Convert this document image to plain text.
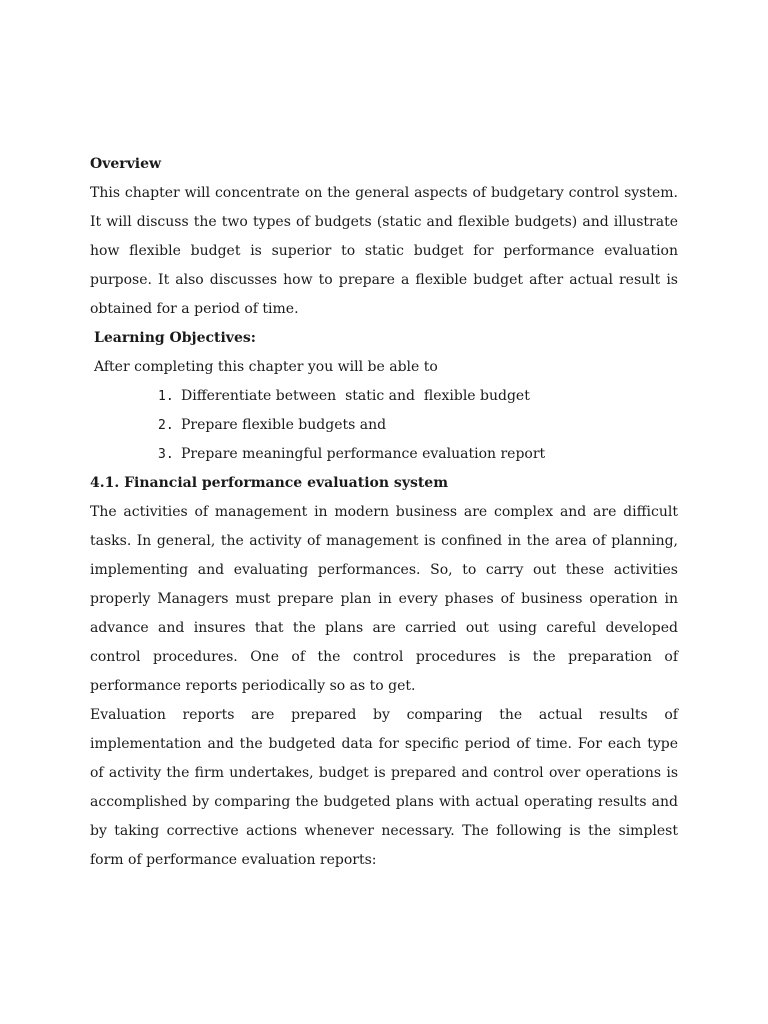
Overview

This chapter will concentrate on the general aspects of budgetary control system. It will discuss the two types of budgets (static and flexible budgets) and illustrate how flexible budget is superior to static budget for performance evaluation purpose. It also discusses how to prepare a flexible budget after actual result is obtained for a period of time.

Learning Objectives:

After completing this chapter you will be able to

1. Differentiate between  static and  flexible budget
2. Prepare flexible budgets and
3. Prepare meaningful performance evaluation report

4.1. Financial performance evaluation system

The activities of management in modern business are complex and are difficult tasks. In general, the activity of management is confined in the area of planning, implementing and evaluating performances. So, to carry out these activities properly Managers must prepare plan in every phases of business operation in advance and insures that the plans are carried out using careful developed control procedures. One of the control procedures is the preparation of performance reports periodically so as to get.

Evaluation reports are prepared by comparing the actual results of implementation and the budgeted data for specific period of time. For each type of activity the firm undertakes, budget is prepared and control over operations is accomplished by comparing the budgeted plans with actual operating results and by taking corrective actions whenever necessary. The following is the simplest form of performance evaluation reports:
